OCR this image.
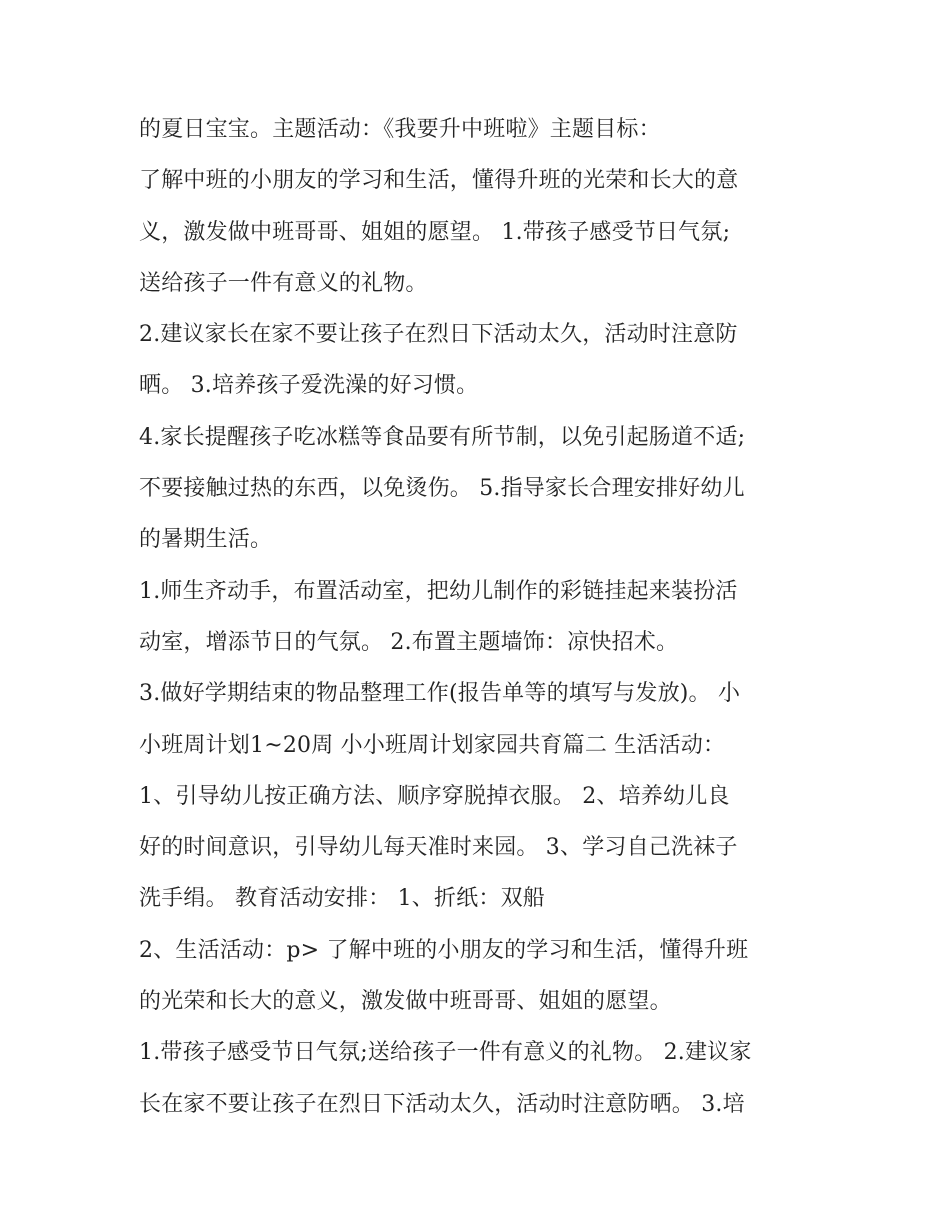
的夏日宝宝。主题活动：《我要升中班啦》主题目标：
了解中班的小朋友的学习和生活，懂得升班的光荣和长大的意
义，激发做中班哥哥、姐姐的愿望。 1.带孩子感受节日气氛;
送给孩子一件有意义的礼物。
2.建议家长在家不要让孩子在烈日下活动太久，活动时注意防
晒。 3.培养孩子爱洗澡的好习惯。
4.家长提醒孩子吃冰糕等食品要有所节制，以免引起肠道不适;
不要接触过热的东西，以免烫伤。 5.指导家长合理安排好幼儿
的暑期生活。
1.师生齐动手，布置活动室，把幼儿制作的彩链挂起来装扮活
动室，增添节日的气氛。 2.布置主题墙饰：凉快招术。
3.做好学期结束的物品整理工作(报告单等的填写与发放)。 小
小班周计划1~20周 小小班周计划家园共育篇二 生活活动：
1、引导幼儿按正确方法、顺序穿脱掉衣服。 2、培养幼儿良
好的时间意识，引导幼儿每天准时来园。 3、学习自己洗袜子
洗手绢。 教育活动安排： 1、折纸：双船
2、生活活动：p> 了解中班的小朋友的学习和生活，懂得升班
的光荣和长大的意义，激发做中班哥哥、姐姐的愿望。
1.带孩子感受节日气氛;送给孩子一件有意义的礼物。 2.建议家
长在家不要让孩子在烈日下活动太久，活动时注意防晒。 3.培
